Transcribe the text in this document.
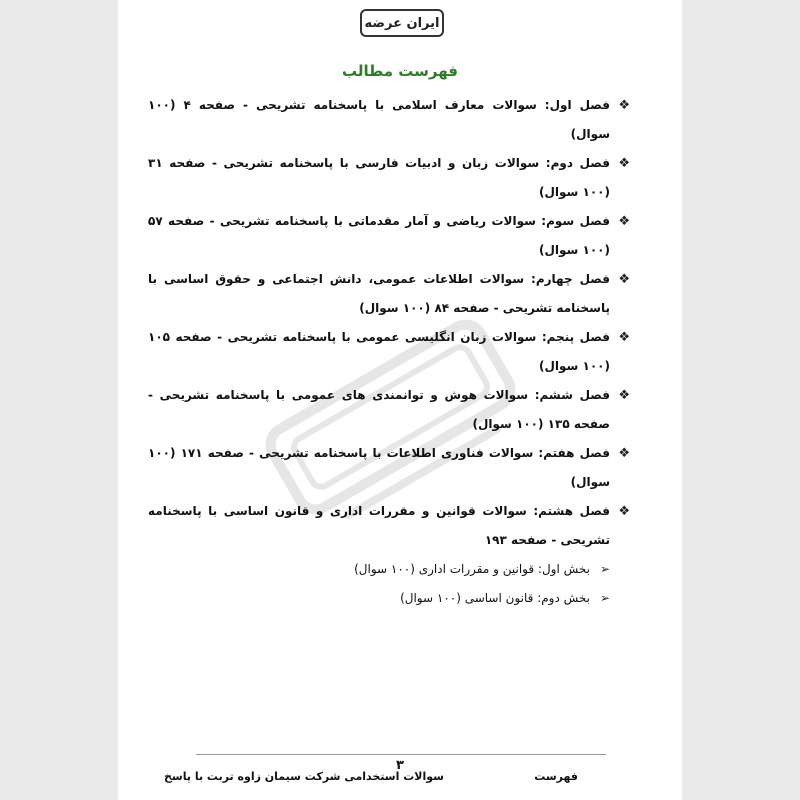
ایران عرضه
فهرست مطالب
❖
فصل اول: سوالات معارف اسلامی با پاسخنامه تشریحی - صفحه ۴ (۱۰۰ سوال)
❖
فصل دوم: سوالات زبان و ادبیات فارسی با پاسخنامه تشریحی - صفحه ۳۱ (۱۰۰ سوال)
❖
فصل سوم: سوالات ریاضی و آمار مقدماتی با پاسخنامه تشریحی - صفحه ۵۷ (۱۰۰ سوال)
❖
فصل چهارم: سوالات اطلاعات عمومی، دانش اجتماعی و حقوق اساسی با پاسخنامه تشریحی - صفحه ۸۴ (۱۰۰ سوال)
❖
فصل پنجم: سوالات زبان انگلیسی عمومی با پاسخنامه تشریحی - صفحه ۱۰۵ (۱۰۰ سوال)
❖
فصل ششم: سوالات هوش و توانمندی های عمومی با پاسخنامه تشریحی - صفحه ۱۳۵ (۱۰۰ سوال)
❖
فصل هفتم: سوالات فناوری اطلاعات با پاسخنامه تشریحی - صفحه ۱۷۱ (۱۰۰ سوال)
❖
فصل هشتم: سوالات قوانین و مقررات اداری و قانون اساسی با پاسخنامه تشریحی - صفحه ۱۹۳
➢
بخش اول: قوانین و مقررات اداری (۱۰۰ سوال)
➢
بخش دوم: قانون اساسی (۱۰۰ سوال)
۳
سوالات استخدامی شرکت سیمان زاوه تربت با پاسخ	فهرست
